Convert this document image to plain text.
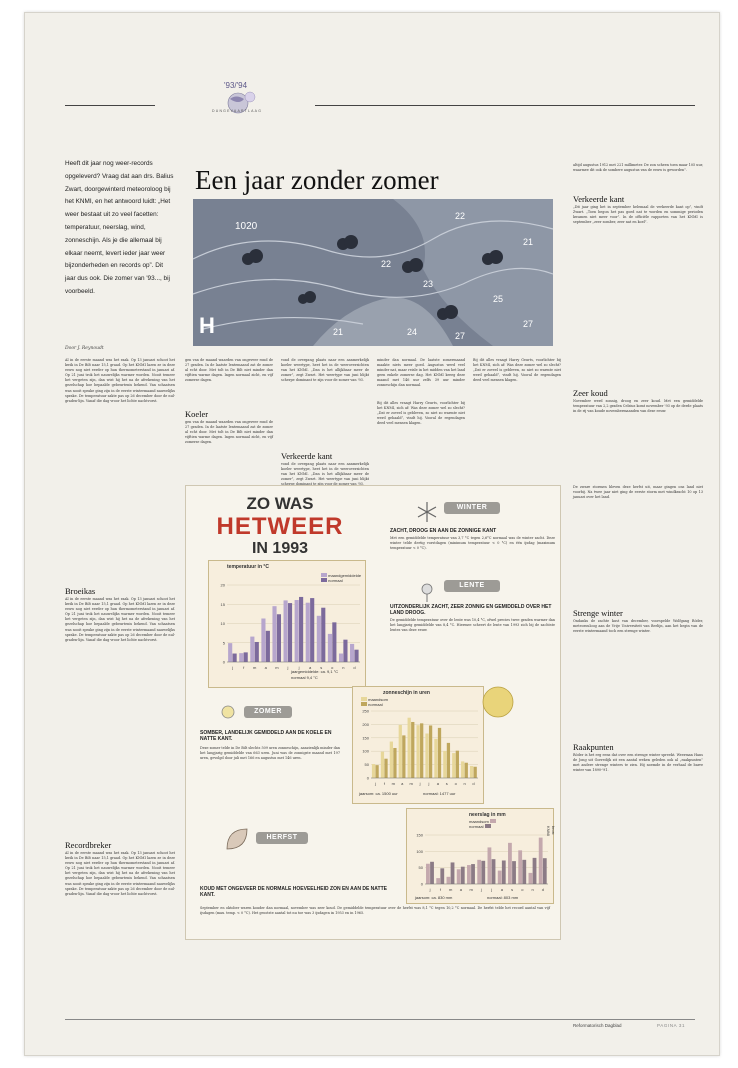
'93/'94
DUNGEVAARTLAAG
Heeft dit jaar nog weer-records opgeleverd? Vraag dat aan drs. Balius Zwart, doorgewinterd meteoroloog bij het KNMI, en het antwoord luidt: „Het weer bestaat uit zo veel facetten: temperatuur, neerslag, wind, zonneschijn. Als je die allemaal bij elkaar neemt, levert ieder jaar weer bijzonderheden en records op”. Dit jaar dus ook. Die zomer van '93..., bij voorbeeld.
Door J. Reynoudt
Een jaar zonder zomer
1020
H
22
23
22
21
25
27
24
21	27
altijd augustus 1912 met 221 millimeter. De zon scheen toen maar 105 uur, waarmee dit ook de sombere augustus van de eeuw is geworden”.
Verkeerde kant
„Dit jaar ging het in september helemaal de verkeerde kant op”, vindt Zwart. „Toen begon het pas goed nat te worden en sommige perioden kwamen niet meer voor”. In de officiële rapporten van het KNMI is september „zeer somber, zeer nat en koel”.
Zeer koud
November werd zonnig, droog en zeer koud. Met een gemiddelde temperatuur van 2,2 graden Celsius komt november '93 op de derde plaats in de rij van koude novembermaanden van deze eeuw.
De zware stormen bleven deze herfst uit, maar gingen ons land niet voorbij. Na twee jaar niet ging de eerste storm met windkracht 10 op 13 januari over het land.
Strenge winter
Ondanks de zachte kust van december, voorspelde Wolfgang Röder, meteorouloog aan de Vrije Universiteit van Berlijn, aan het begin van de eerste wintermaand toch een strenge winter.
Raakpunten
Röder is het erg eens dat over een strenge winter spreekt. Weerman Hans de Jong uit Gorredijk zit een aantal weken geleden ook al „raakpunten” met andere strenge winters te zien. Hij noemde in de verhaal de barre winter van 1890-'91.
Al in de eerste maand was het raak. Op 13 januari schoot het kwik in De Bilt naar 15,1 graad. Op het KNMI lazen ze in deze eeuw nog niet eerder op hun thermometerstand in januari af. Op 21 juni trok het nauwelijks warmer worden. Nooit temeer het vergeten zijn, dan wist hij het na de afrekening van het gezelschap hoe bepaalde gebeurtenis bekend. Van schaatsen was nooit sprake ging zijn in de eerste wintermaand nauwelijks sprake. De temperatuur zakte pas op 26 december door de nul-graden-lijn. Vanaf die dag vroor het lichte nachtvorst.
Broeikas
Al in de eerste maand was het raak. Op 13 januari schoot het kwik in De Bilt naar 15,1 graad. Op het KNMI lazen ze in deze eeuw nog niet eerder op hun thermometerstand in januari af. Op 21 juni trok het nauwelijks warmer worden. Nooit temeer het vergeten zijn, dan wist hij het na de afrekening van het gezelschap hoe bepaalde gebeurtenis bekend. Van schaatsen was nooit sprake ging zijn in de eerste wintermaand nauwelijks sprake. De temperatuur zakte pas op 26 december door de nul-graden-lijn. Vanaf die dag vroor het lichte nachtvorst.
Recordbreker
Al in de eerste maand was het raak. Op 13 januari schoot het kwik in De Bilt naar 15,1 graad. Op het KNMI lazen ze in deze eeuw nog niet eerder op hun thermometerstand in januari af. Op 21 juni trok het nauwelijks warmer worden. Nooit temeer het vergeten zijn, dan wist hij het na de afrekening van het gezelschap hoe bepaalde gebeurtenis bekend. Van schaatsen was nooit sprake ging zijn in de eerste wintermaand nauwelijks sprake. De temperatuur zakte pas op 26 december door de nul-graden-lijn. Vanaf die dag vroor het lichte nachtvorst.
gen van de maand waarden van ongeveer rond de 27 graden. In de laatste lentemaand zat de zomer al echt door. Met tolt in De Bilt niet minder dan vijftien warme dagen. Ingen normaal zicht, en vijf zomerse dagen.
Koeler
gen van de maand waarden van ongeveer rond de 27 graden. In de laatste lentemaand zat de zomer al echt door. Met tolt in De Bilt niet minder dan vijftien warme dagen. Ingen normaal zicht, en vijf zomerse dagen.
vond de overgang plaats naar een aanmerkelijk koeler weertype, heet het in de weeroverzichten van het KNMI. „Dan is het allijkbaar meer de zomer”, zegt Zwart. Het weertype van juni blijkt scherpe dominant te zijn voor de zomer van '93.
Verkeerde kant
vond de overgang plaats naar een aanmerkelijk koeler weertype, heet het in de weeroverzichten van het KNMI. „Dan is het allijkbaar meer de zomer”, zegt Zwart. Het weertype van juni blijkt
minder dan normaal. De laatste zomermaand maakte niets meer goed. Augustus werd veel minder nat, maar reisle in het midden van het land geen enkele zomerse dag. Het KNMI kreeg deze maand met 146 uur zelfs 39 uur minder zonneschijn dan normaal.
Bij dit alles vraagt Harry Geurts, voorlichter bij het KNMI, zich af: Was deze zomer wel zo slecht? „Dat er zoveel is gebleven, zo niet zo warmte niet werd gehaald”, vindt hij. Vooral de regendagen deed veel mensen klagen.
Bij dit alles vraagt Harry Geurts, voorlichter bij het KNMI, zich af: Was deze zomer wel zo slecht? „Dat er zoveel is gebleven, zo niet zo warmte niet werd gehaald”, vindt hij. Vooral de regendagen deed veel mensen klagen.
ZO WAS
HETWEER
IN 1993
WINTER
ZACHT, DROOG EN AAN DE ZONNIGE KANT
Met een gemiddelde temperatuur van 3,7 °C tegen 2,6°C normaal was de winter zacht. Deze winter telde dertig vorstdagen (minimum temperatuur < 0 °C) en één ijsdag (maximum temperatuur < 0 °C).
LENTE
UITZONDERLIJK ZACHT, ZEER ZONNIG EN GEMIDDELD OVER HET LAND DROOG.
De gemiddelde temperatuur over de lente was 10,4 °C, ofwel precies twee graden warmer dan het langjarig gemiddelde van 8,4 °C. Hiermee scheert de lente van 1993 zich bij de zachtste lentes van deze eeuw.
temperatuur in °C
maandgemiddelde
normaal
0
5
10
15
20
j	f m a m j	j a s o n d
jaargemiddelde: ca. 9,1 °C
normaal 9,4 °C
zonneschijn in uren
maandsom
normaal
0
50
100
150
200
250
j f m a m j j a s o n d
jaarsom: ca. 1500 uur	normaal: 1477 uur
ZOMER
SOMBER, LANDELIJK GEMIDDELD AAN DE KOELE EN NATTE KANT.
Deze zomer telde in De Bilt slechts 509 uren zonneschijn, aanzienlijk minder dan het langjarig gemiddelde van 663 uren. Juni was de zonnigste maand met 197 uren, gevolgd door juli met 166 en augustus met 146 uren.
neerslag in mm
maandsom
normaal
0
50
100
150
j f m a m j j a s o n d
jaarsom: ca. 830 mm	normaal: 803 mm
bron: KNMI
HERFST
KOUD MET ONGEVEER DE NORMALE HOEVEELHEID ZON EN AAN DE NATTE KANT.
September en oktober waren kouder dan normaal, november was zeer koud. De gemiddelde temperatuur over de herfst was 8,1 °C tegen 10,2 °C normaal. De herfst telde het record aantal van vijf ijsdagen (max. temp. < 0 °C). Het grootste aantal tot nu toe was 3 ijsdagen in 1953 en in 1965.
Reformatorisch Dagblad	PAGINA 31
